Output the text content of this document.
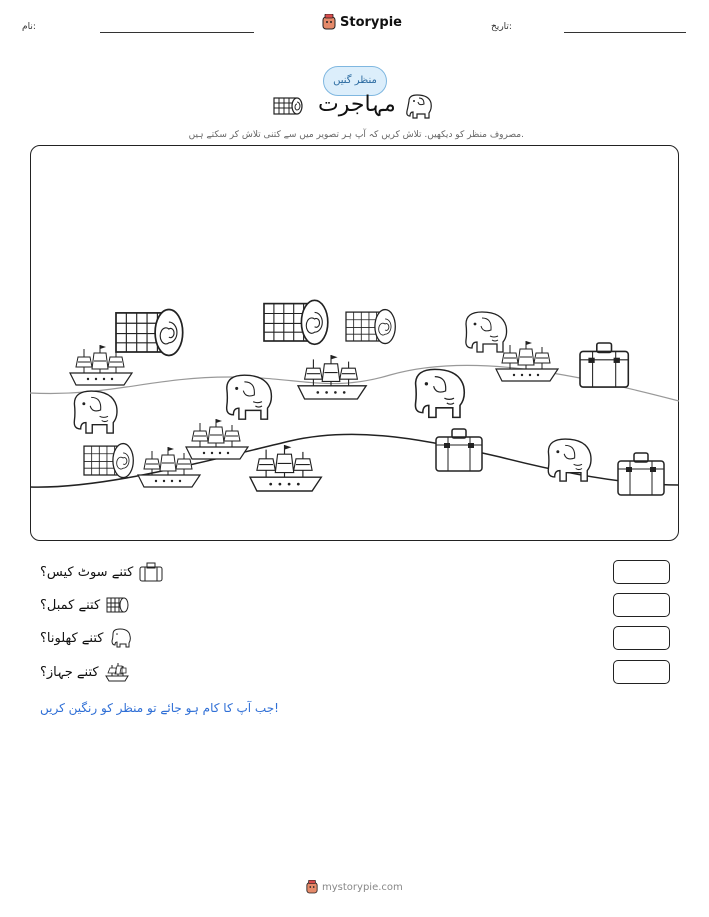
نام:	Storypie	تاریخ:
منظر گنیں
مہاجرت
مصروف منظر کو دیکھیں. تلاش کریں کہ آپ ہر تصویر میں سے کتنی تلاش کر سکتے ہیں.
کتنے سوٹ کیس؟
کتنے کمبل؟
کتنے کھلونا؟
کتنے جہاز؟
جب آپ کا کام ہو جائے تو منظر کو رنگین کریں!
mystorypie.com
